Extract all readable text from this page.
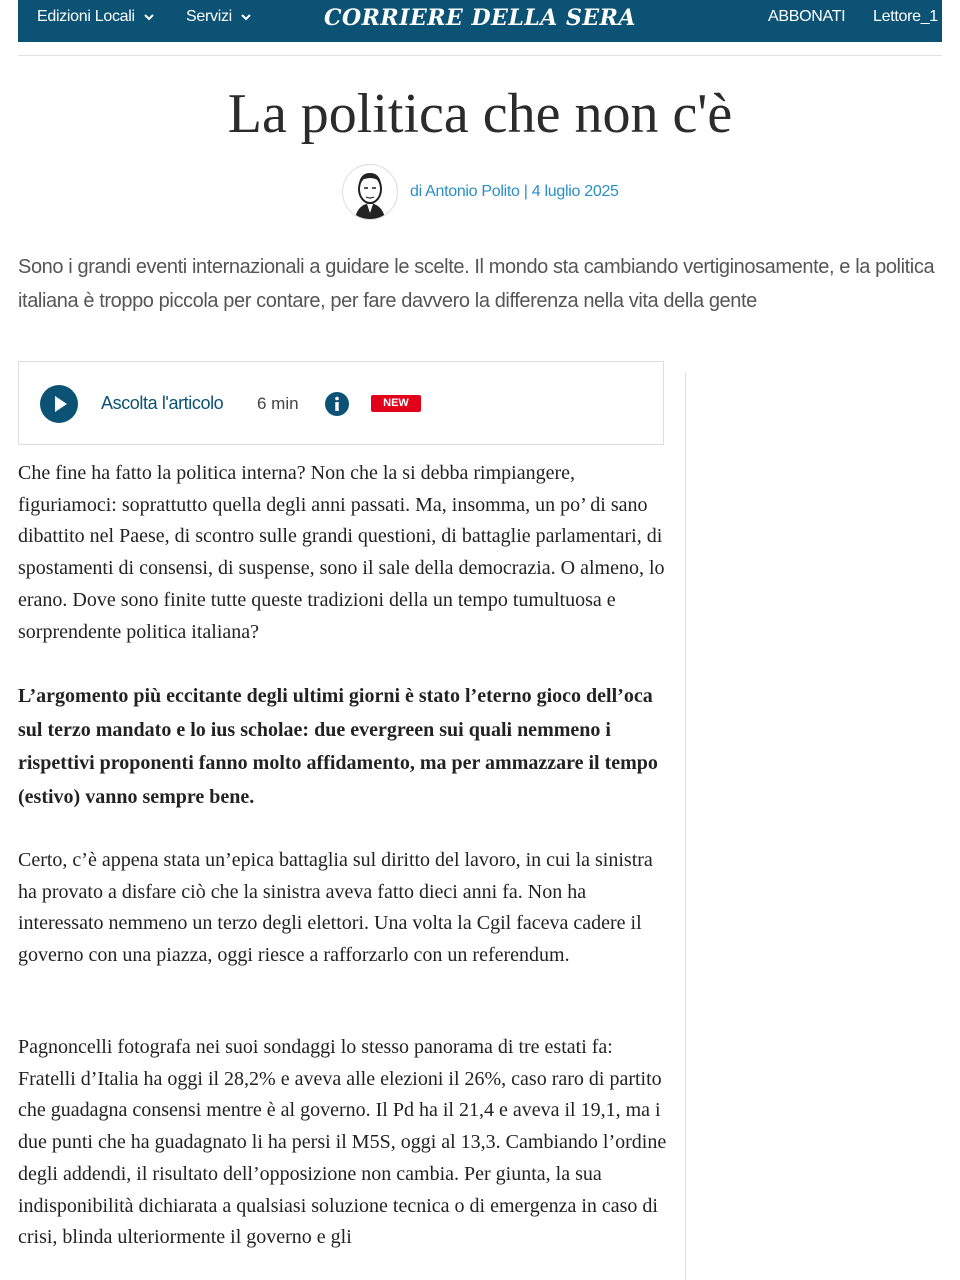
Edizioni Locali	Servizi	CORRIERE DELLA SERA	ABBONATI Lettore_1
La politica che non c'è
di Antonio Polito | 4 luglio 2025

Sono i grandi eventi internazionali a guidare le scelte. Il mondo sta cambiando vertiginosamente, e la politica italiana è troppo piccola per contare, per fare davvero la differenza nella vita della gente

Ascolta l'articolo 6 min	NEW

Che fine ha fatto la politica interna? Non che la si debba rimpiangere, figuriamoci: soprattutto quella degli anni passati. Ma, insomma, un po’ di sano dibattito nel Paese, di scontro sulle grandi questioni, di battaglie parlamentari, di spostamenti di consensi, di suspense, sono il sale della democrazia. O almeno, lo erano. Dove sono finite tutte queste tradizioni della un tempo tumultuosa e sorprendente politica italiana?

L’argomento più eccitante degli ultimi giorni è stato l’eterno gioco dell’oca sul terzo mandato e lo ius scholae: due evergreen sui quali nemmeno i rispettivi proponenti fanno molto affidamento, ma per ammazzare il tempo (estivo) vanno sempre bene.

Certo, c’è appena stata un’epica battaglia sul diritto del lavoro, in cui la sinistra ha provato a disfare ciò che la sinistra aveva fatto dieci anni fa. Non ha interessato nemmeno un terzo degli elettori. Una volta la Cgil faceva cadere il governo con una piazza, oggi riesce a rafforzarlo con un referendum.

Pagnoncelli fotografa nei suoi sondaggi lo stesso panorama di tre estati fa: Fratelli d’Italia ha oggi il 28,2% e aveva alle elezioni il 26%, caso raro di partito che guadagna consensi mentre è al governo. Il Pd ha il 21,4 e aveva il 19,1, ma i due punti che ha guadagnato li ha persi il M5S, oggi al 13,3. Cambiando l’ordine degli addendi, il risultato dell’opposizione non cambia. Per giunta, la sua indisponibilità dichiarata a qualsiasi soluzione tecnica o di emergenza in caso di crisi, blinda ulteriormente il governo e gli
